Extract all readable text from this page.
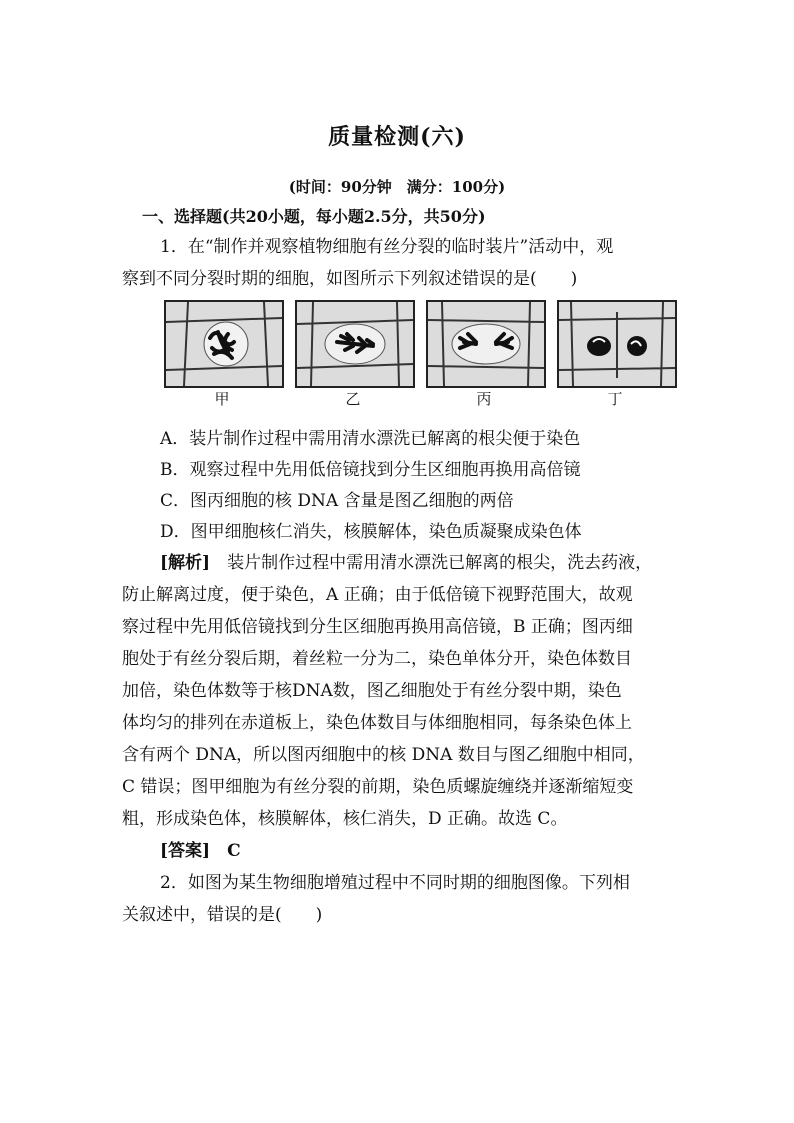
质量检测(六)
(时间：90分钟　满分：100分)
一、选择题(共20小题，每小题2.5分，共50分)
1．在“制作并观察植物细胞有丝分裂的临时装片”活动中，观
察到不同分裂时期的细胞，如图所示下列叙述错误的是(　　)
甲	乙	丙	丁
A．装片制作过程中需用清水漂洗已解离的根尖便于染色
B．观察过程中先用低倍镜找到分生区细胞再换用高倍镜
C．图丙细胞的核 DNA 含量是图乙细胞的两倍
D．图甲细胞核仁消失，核膜解体，染色质凝聚成染色体
[解析]　装片制作过程中需用清水漂洗已解离的根尖，洗去药液，
防止解离过度，便于染色，A 正确；由于低倍镜下视野范围大，故观
察过程中先用低倍镜找到分生区细胞再换用高倍镜，B 正确；图丙细
胞处于有丝分裂后期，着丝粒一分为二，染色单体分开，染色体数目
加倍，染色体数等于核DNA数，图乙细胞处于有丝分裂中期，染色
体均匀的排列在赤道板上，染色体数目与体细胞相同，每条染色体上
含有两个 DNA，所以图丙细胞中的核 DNA 数目与图乙细胞中相同，
C 错误；图甲细胞为有丝分裂的前期，染色质螺旋缠绕并逐渐缩短变
粗，形成染色体，核膜解体，核仁消失，D 正确。故选 C。
[答案]　C
2．如图为某生物细胞增殖过程中不同时期的细胞图像。下列相
关叙述中，错误的是(　　)
